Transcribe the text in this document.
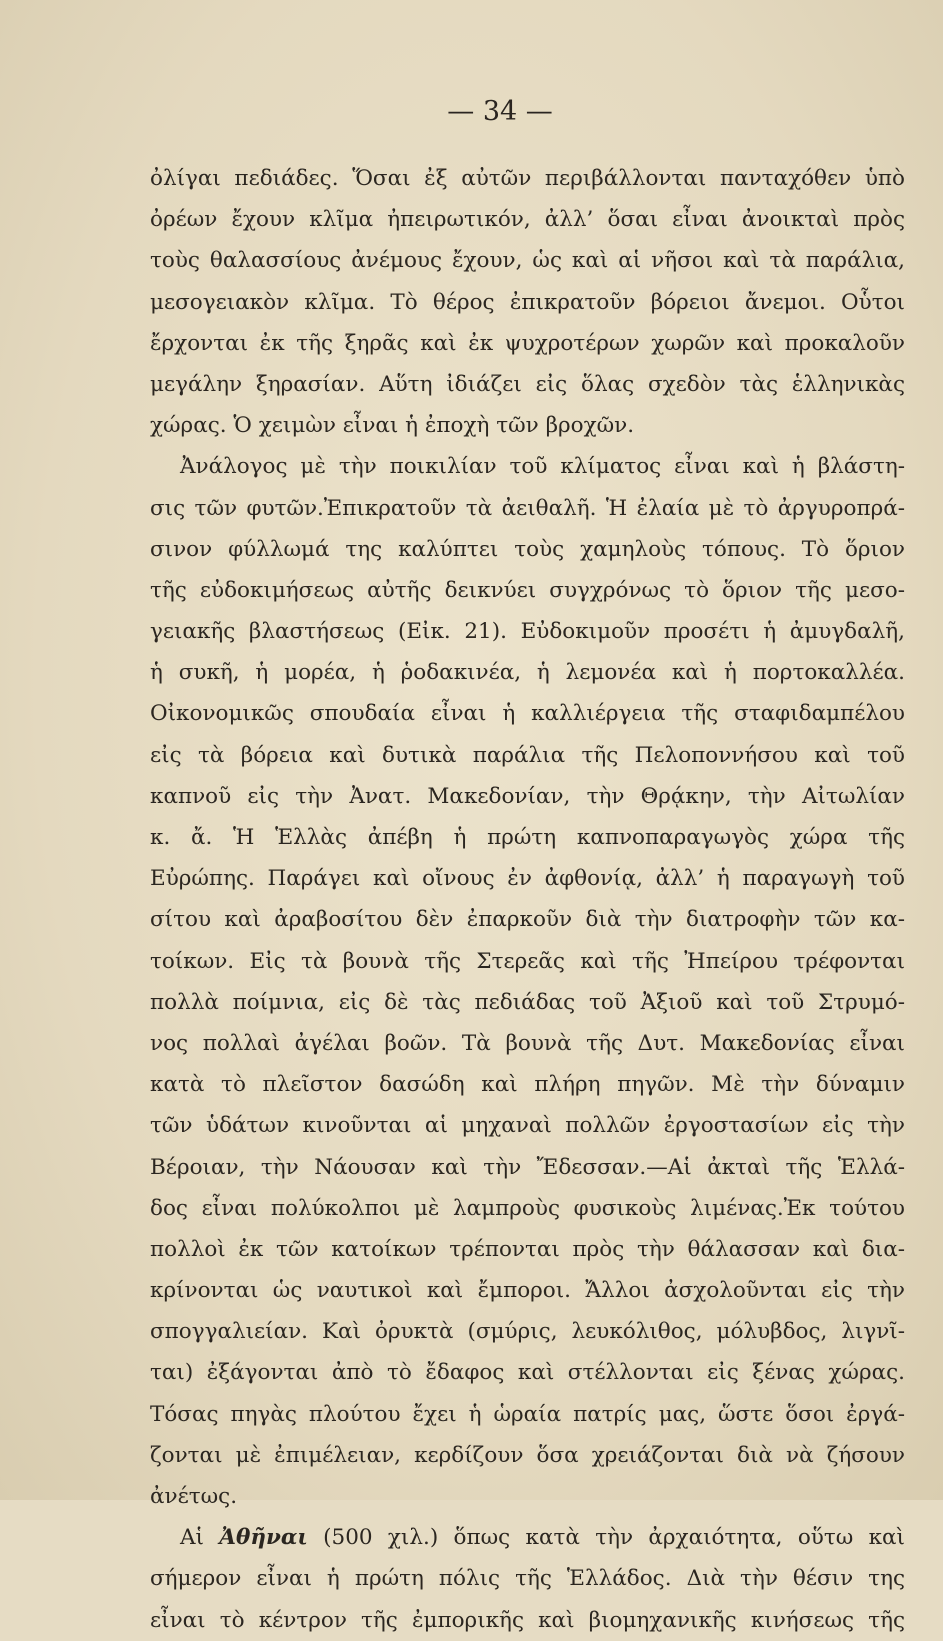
— 34 —
ὀλίγαι πεδιάδες. Ὅσαι ἐξ αὐτῶν περιβάλλονται πανταχόθεν ὑπὸ
ὀρέων ἔχουν κλῖμα ἠπειρωτικόν, ἀλλ’ ὅσαι εἶναι ἀνοικταὶ πρὸς
τοὺς θαλασσίους ἀνέμους ἔχουν, ὡς καὶ αἱ νῆσοι καὶ τὰ παράλια,
μεσογειακὸν κλῖμα. Τὸ θέρος ἐπικρατοῦν βόρειοι ἄνεμοι. Οὗτοι
ἔρχονται ἐκ τῆς ξηρᾶς καὶ ἐκ ψυχροτέρων χωρῶν καὶ προκαλοῦν
μεγάλην ξηρασίαν. Αὕτη ἰδιάζει εἰς ὅλας σχεδὸν τὰς ἑλληνικὰς
χώρας. Ὁ χειμὼν εἶναι ἡ ἐποχὴ τῶν βροχῶν.
Ἀνάλογος μὲ τὴν ποικιλίαν τοῦ κλίματος εἶναι καὶ ἡ βλάστη-
σις τῶν φυτῶν.Ἐπικρατοῦν τὰ ἀειθαλῆ. Ἡ ἐλαία μὲ τὸ ἀργυροπρά-
σινον φύλλωμά της καλύπτει τοὺς χαμηλοὺς τόπους. Τὸ ὅριον
τῆς εὐδοκιμήσεως αὐτῆς δεικνύει συγχρόνως τὸ ὅριον τῆς μεσο-
γειακῆς βλαστήσεως (Εἰκ. 21). Εὐδοκιμοῦν προσέτι ἡ ἀμυγδαλῆ,
ἡ συκῆ, ἡ μορέα, ἡ ῥοδακινέα, ἡ λεμονέα καὶ ἡ πορτοκαλλέα.
Οἰκονομικῶς σπουδαία εἶναι ἡ καλλιέργεια τῆς σταφιδαμπέλου
εἰς τὰ βόρεια καὶ δυτικὰ παράλια τῆς Πελοποννήσου καὶ τοῦ
καπνοῦ εἰς τὴν Ἀνατ. Μακεδονίαν, τὴν Θρᾴκην, τὴν Αἰτωλίαν
κ. ἄ. Ἡ Ἑλλὰς ἀπέβη ἡ πρώτη καπνοπαραγωγὸς χώρα τῆς
Εὐρώπης. Παράγει καὶ οἴνους ἐν ἀφθονίᾳ, ἀλλ’ ἡ παραγωγὴ τοῦ
σίτου καὶ ἀραβοσίτου δὲν ἐπαρκοῦν διὰ τὴν διατροφὴν τῶν κα-
τοίκων. Εἰς τὰ βουνὰ τῆς Στερεᾶς καὶ τῆς Ἠπείρου τρέφονται
πολλὰ ποίμνια, εἰς δὲ τὰς πεδιάδας τοῦ Ἀξιοῦ καὶ τοῦ Στρυμό-
νος πολλαὶ ἀγέλαι βοῶν. Τὰ βουνὰ τῆς Δυτ. Μακεδονίας εἶναι
κατὰ τὸ πλεῖστον δασώδη καὶ πλήρη πηγῶν. Μὲ τὴν δύναμιν
τῶν ὑδάτων κινοῦνται αἱ μηχαναὶ πολλῶν ἐργοστασίων εἰς τὴν
Βέροιαν, τὴν Νάουσαν καὶ τὴν Ἔδεσσαν.—Αἱ ἀκταὶ τῆς Ἑλλά-
δος εἶναι πολύκολποι μὲ λαμπροὺς φυσικοὺς λιμένας.Ἐκ τούτου
πολλοὶ ἐκ τῶν κατοίκων τρέπονται πρὸς τὴν θάλασσαν καὶ δια-
κρίνονται ὡς ναυτικοὶ καὶ ἔμποροι. Ἄλλοι ἀσχολοῦνται εἰς τὴν
σπογγαλιείαν. Καὶ ὀρυκτὰ (σμύρις, λευκόλιθος, μόλυβδος, λιγνῖ-
ται) ἐξάγονται ἀπὸ τὸ ἔδαφος καὶ στέλλονται εἰς ξένας χώρας.
Τόσας πηγὰς πλούτου ἔχει ἡ ὡραία πατρίς μας, ὥστε ὅσοι ἐργά-
ζονται μὲ ἐπιμέλειαν, κερδίζουν ὅσα χρειάζονται διὰ νὰ ζήσουν
ἀνέτως.
Αἱ Ἀθῆναι (500 χιλ.) ὅπως κατὰ τὴν ἀρχαιότητα, οὕτω καὶ
σήμερον εἶναι ἡ πρώτη πόλις τῆς Ἑλλάδος. Διὰ τὴν θέσιν της
εἶναι τὸ κέντρον τῆς ἐμπορικῆς καὶ βιομηχανικῆς κινήσεως τῆς
